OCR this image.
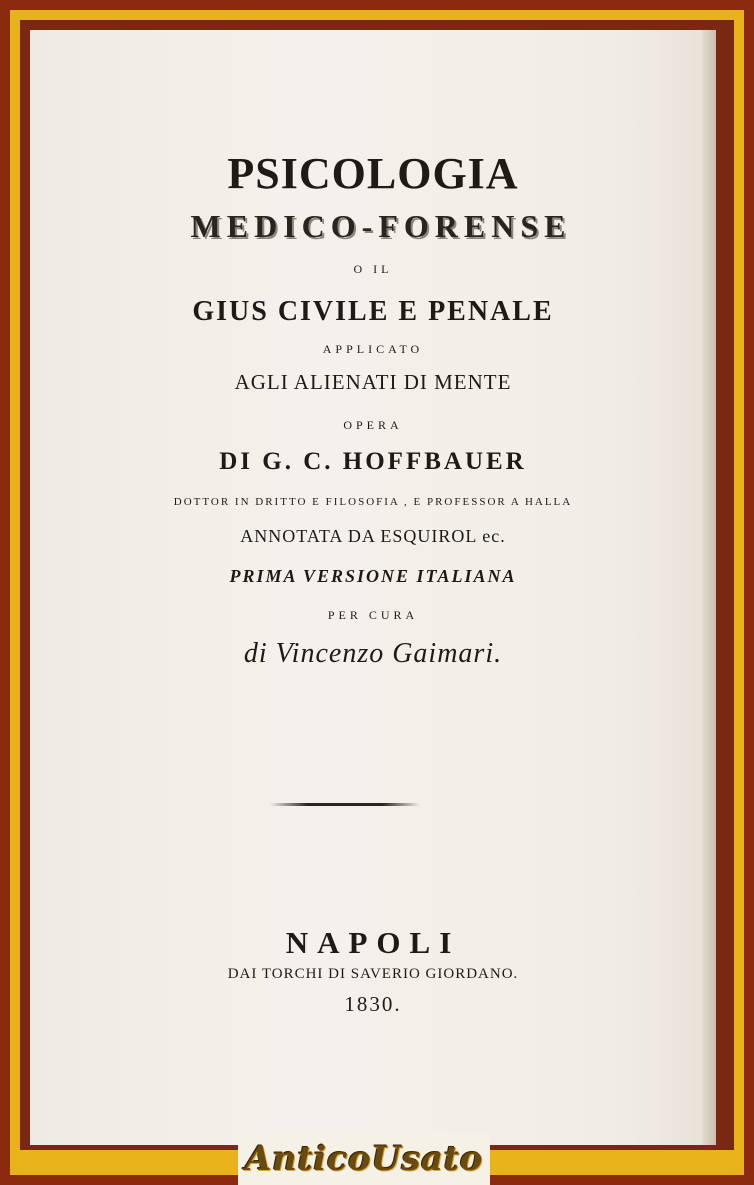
PSICOLOGIA
MEDICO-FORENSE
O IL
GIUS CIVILE E PENALE
APPLICATO
AGLI ALIENATI DI MENTE
OPERA
DI G. C. HOFFBAUER
DOTTOR IN DRITTO E FILOSOFIA , E PROFESSOR A HALLA
ANNOTATA DA ESQUIROL ec.
PRIMA VERSIONE ITALIANA
PER CURA
di Vincenzo Gaimari.
NAPOLI
DAI TORCHI DI SAVERIO GIORDANO.
1830.
AnticoUsato
